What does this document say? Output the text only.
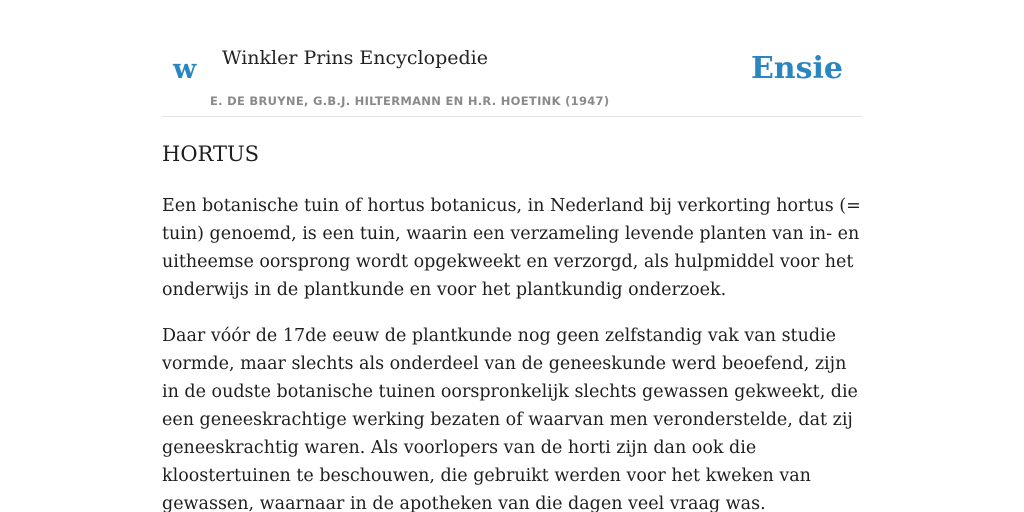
w Winkler Prins Encyclopedie
E. DE BRUYNE, G.B.J. HILTERMANN EN H.R. HOETINK (1947)
Ensie
HORTUS

Een botanische tuin of hortus botanicus, in Nederland bij verkorting hortus (= tuin) genoemd, is een tuin, waarin een verzameling levende planten van in- en uitheemse oorsprong wordt opgekweekt en verzorgd, als hulpmiddel voor het onderwijs in de plantkunde en voor het plantkundig onderzoek.

Daar vóór de 17de eeuw de plantkunde nog geen zelfstandig vak van studie vormde, maar slechts als onderdeel van de geneeskunde werd beoefend, zijn in de oudste botanische tuinen oorspronkelijk slechts gewassen gekweekt, die een geneeskrachtige werking bezaten of waarvan men veronderstelde, dat zij geneeskrachtig waren. Als voorlopers van de horti zijn dan ook die kloostertuinen te beschouwen, die gebruikt werden voor het kweken van gewassen, waarnaar in de apotheken van die dagen veel vraag was.
